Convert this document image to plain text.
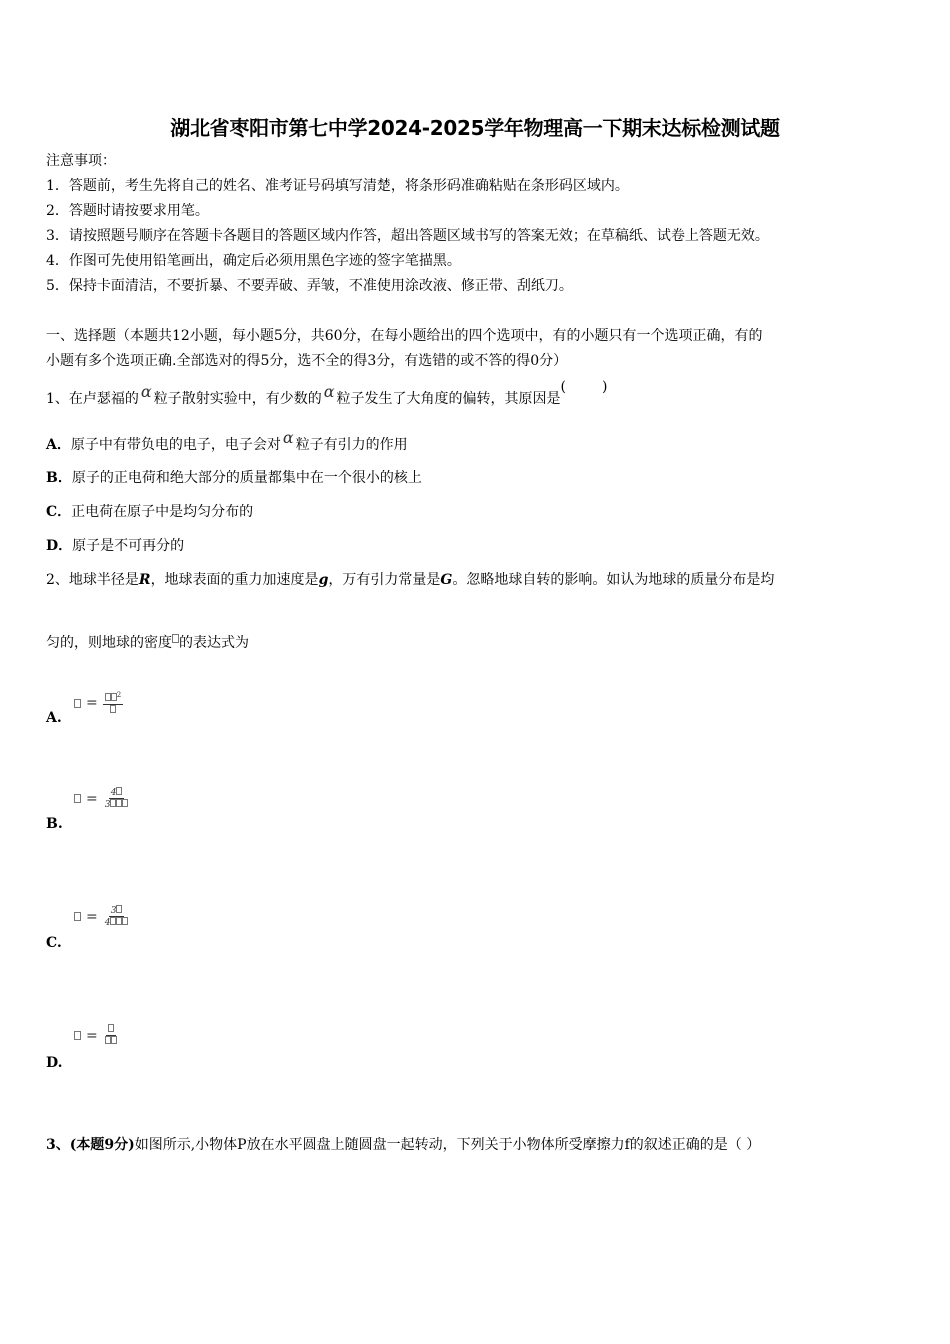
湖北省枣阳市第七中学2024-2025学年物理高一下期末达标检测试题
注意事项：
1．答题前，考生先将自己的姓名、准考证号码填写清楚，将条形码准确粘贴在条形码区域内。
2．答题时请按要求用笔。
3．请按照题号顺序在答题卡各题目的答题区域内作答，超出答题区域书写的答案无效；在草稿纸、试卷上答题无效。
4．作图可先使用铅笔画出，确定后必须用黑色字迹的签字笔描黑。
5．保持卡面清洁，不要折暴、不要弄破、弄皱，不准使用涂改液、修正带、刮纸刀。
一、选择题（本题共12小题，每小题5分，共60分，在每小题给出的四个选项中，有的小题只有一个选项正确，有的
小题有多个选项正确.全部选对的得5分，选不全的得3分，有选错的或不答的得0分）
1、在卢瑟福的 α 粒子散射实验中，有少数的 α 粒子发生了大角度的偏转，其原因是(	)
A．原子中有带负电的电子，电子会对 α 粒子有引力的作用
B．原子的正电荷和绝大部分的质量都集中在一个很小的核上
C．正电荷在原子中是均匀分布的
D．原子是不可再分的
2、地球半径是R，地球表面的重力加速度是g，万有引力常量是G。忽略地球自转的影响。如认为地球的质量分布是均
匀的，则地球的密度 的表达式为
=	$^2$
A.
= $\frac{4}{3}$
B.
= $\frac{3}{4}$
C.
=
D.
3、(本题9分)如图所示,小物体P放在水平圆盘上随圆盘一起转动，下列关于小物体所受摩擦力f的叙述正确的是（ ）
